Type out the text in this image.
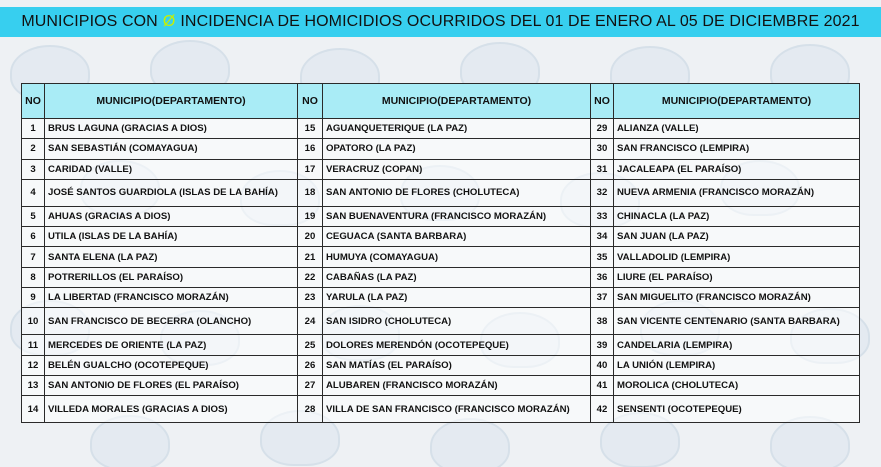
MUNICIPIOS CON Ø INCIDENCIA DE HOMICIDIOS OCURRIDOS DEL 01 DE ENERO AL 05 DE DICIEMBRE 2021
NO	MUNICIPIO(DEPARTAMENTO)	NO	MUNICIPIO(DEPARTAMENTO)	NO	MUNICIPIO(DEPARTAMENTO)
1	BRUS LAGUNA (GRACIAS A DIOS)	15	AGUANQUETERIQUE (LA PAZ)	29	ALIANZA (VALLE)
2	SAN SEBASTIÁN (COMAYAGUA)	16	OPATORO (LA PAZ)	30	SAN FRANCISCO (LEMPIRA)
3	CARIDAD (VALLE)	17	VERACRUZ (COPAN)	31	JACALEAPA (EL PARAÍSO)
4	JOSÉ SANTOS GUARDIOLA (ISLAS DE LA BAHÍA)	18	SAN ANTONIO DE FLORES (CHOLUTECA)	32	NUEVA ARMENIA (FRANCISCO MORAZÁN)
5	AHUAS (GRACIAS A DIOS)	19	SAN BUENAVENTURA (FRANCISCO MORAZÁN)	33	CHINACLA (LA PAZ)
6	UTILA (ISLAS DE LA BAHÍA)	20	CEGUACA (SANTA BARBARA)	34	SAN JUAN (LA PAZ)
7	SANTA ELENA (LA PAZ)	21	HUMUYA (COMAYAGUA)	35	VALLADOLID (LEMPIRA)
8	POTRERILLOS (EL PARAÍSO)	22	CABAÑAS (LA PAZ)	36	LIURE (EL PARAÍSO)
9	LA LIBERTAD (FRANCISCO MORAZÁN)	23	YARULA (LA PAZ)	37	SAN MIGUELITO (FRANCISCO MORAZÁN)
10	SAN FRANCISCO DE BECERRA (OLANCHO)	24	SAN ISIDRO (CHOLUTECA)	38	SAN VICENTE CENTENARIO (SANTA BARBARA)
11	MERCEDES DE ORIENTE (LA PAZ)	25	DOLORES MERENDÓN (OCOTEPEQUE)	39	CANDELARIA (LEMPIRA)
12	BELÉN GUALCHO (OCOTEPEQUE)	26	SAN MATÍAS (EL PARAÍSO)	40	LA UNIÓN (LEMPIRA)
13	SAN ANTONIO DE FLORES (EL PARAÍSO)	27	ALUBAREN (FRANCISCO MORAZÁN)	41	MOROLICA (CHOLUTECA)
14	VILLEDA MORALES (GRACIAS A DIOS)	28	VILLA DE SAN FRANCISCO (FRANCISCO MORAZÁN)	42	SENSENTI (OCOTEPEQUE)
